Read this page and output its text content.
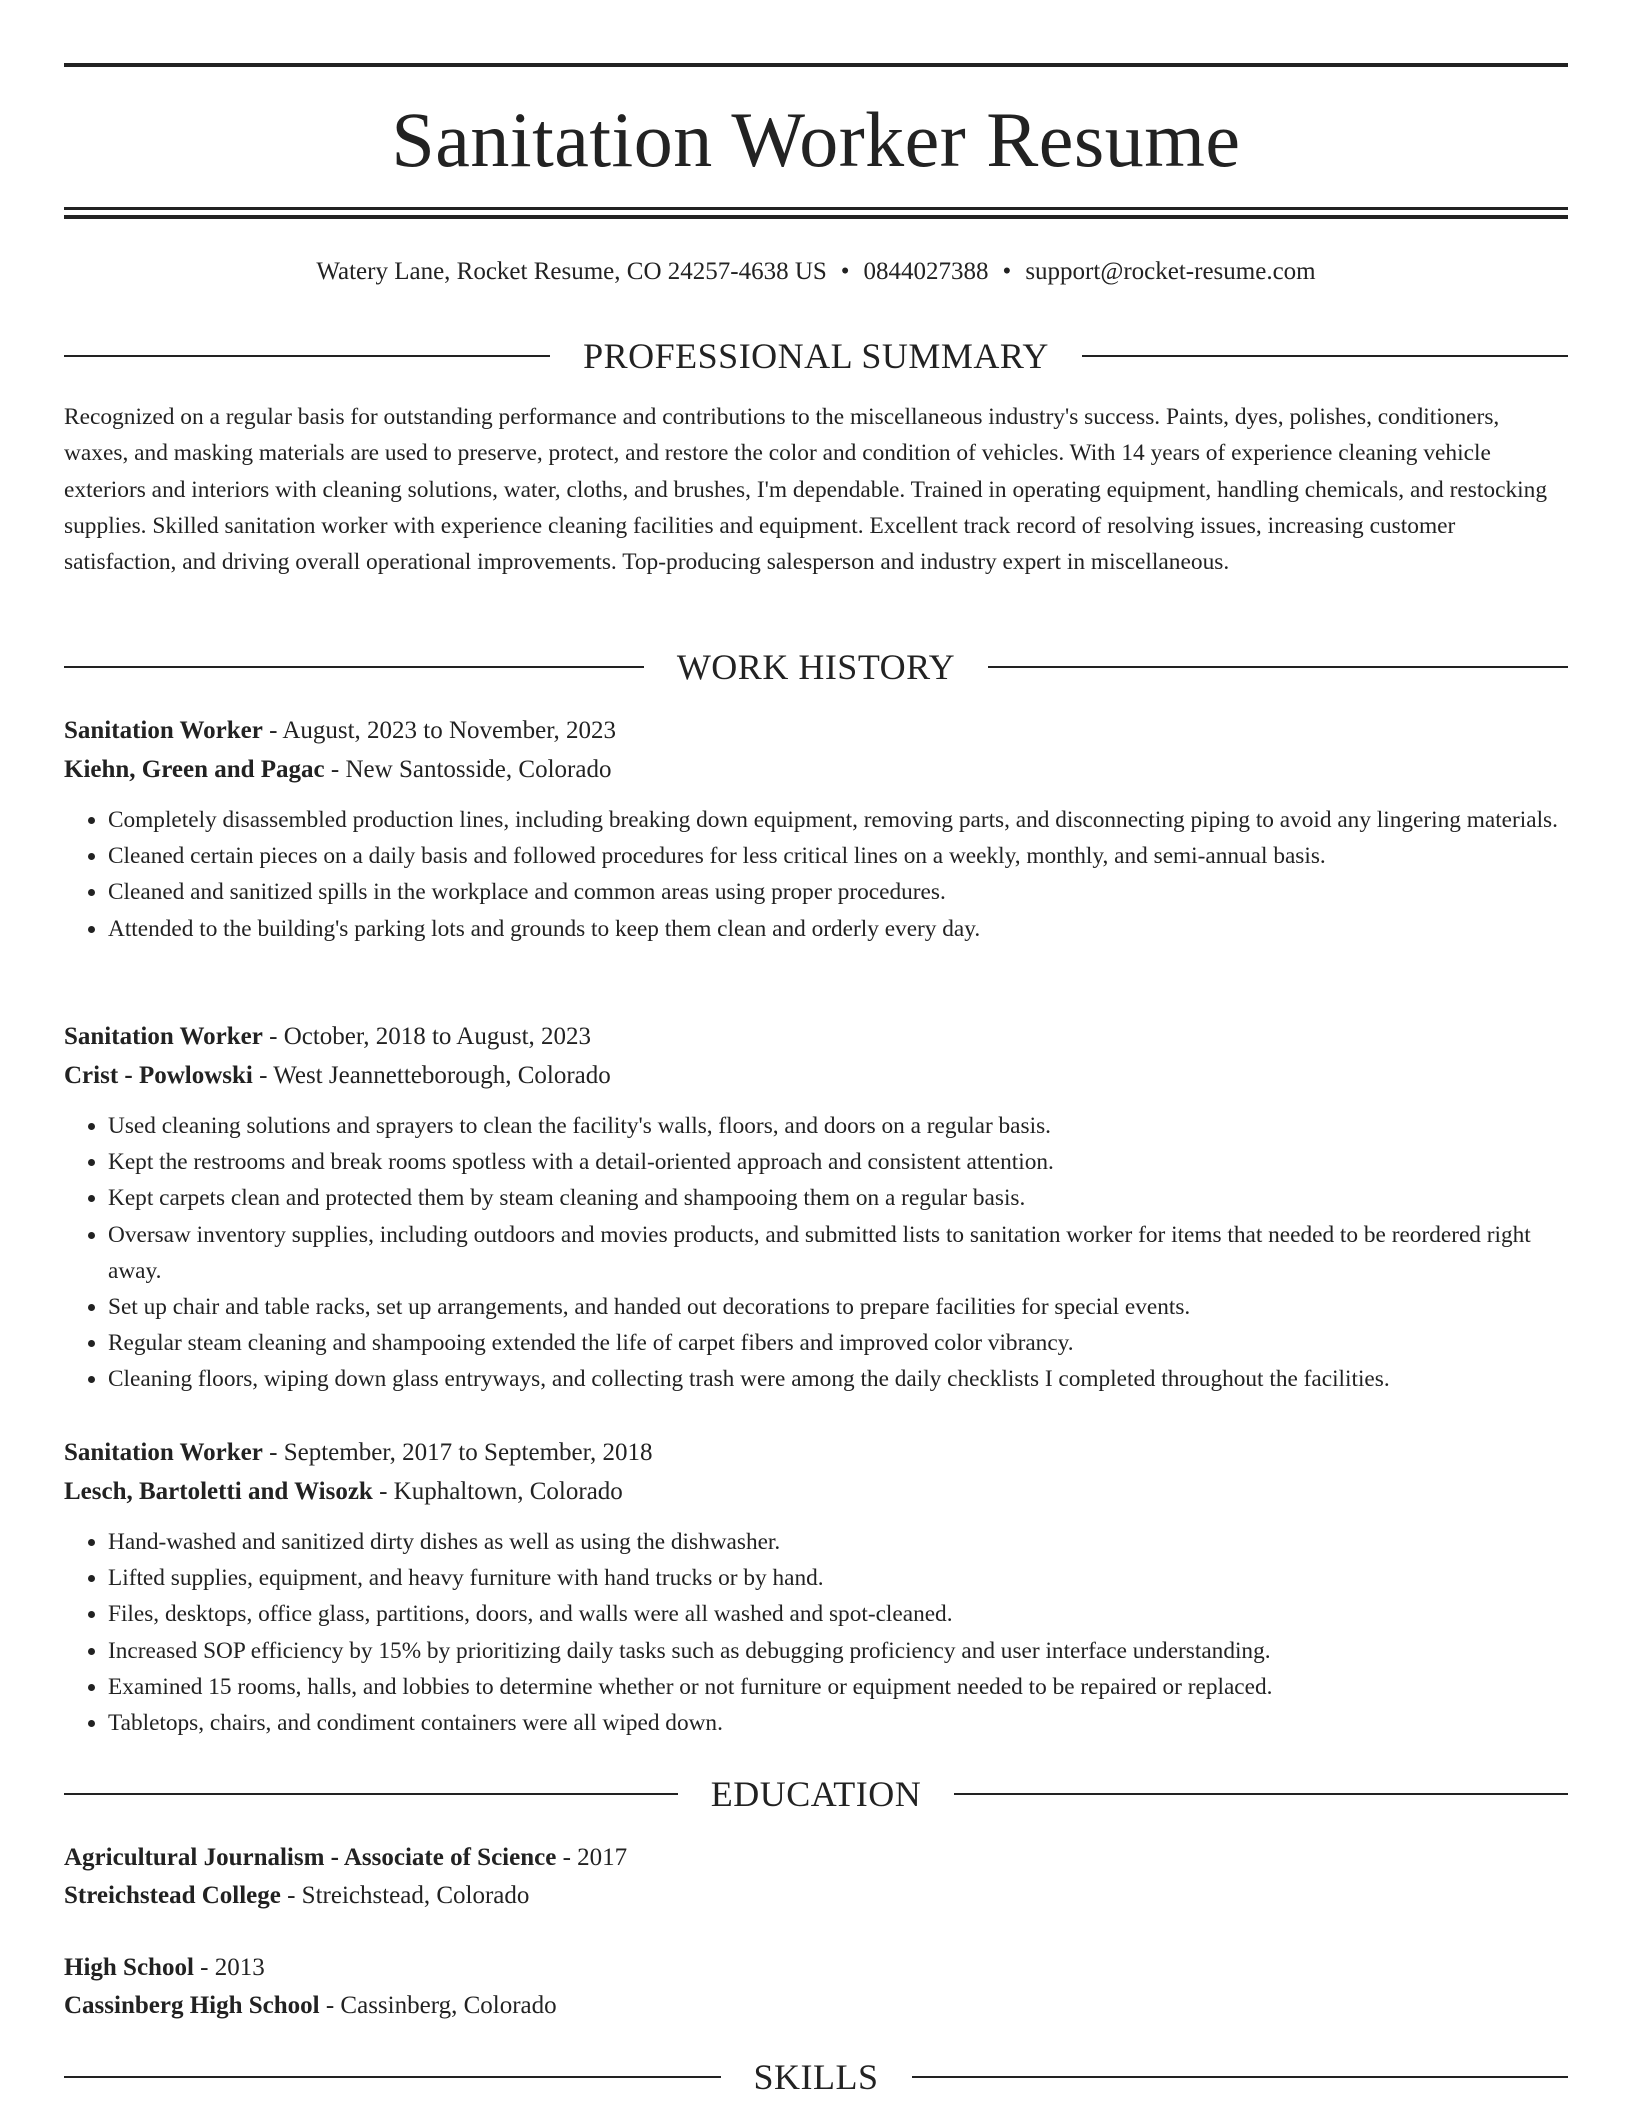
Sanitation Worker Resume
Watery Lane, Rocket Resume, CO 24257-4638 US • 0844027388 • support@rocket-resume.com
PROFESSIONAL SUMMARY

Recognized on a regular basis for outstanding performance and contributions to the miscellaneous industry's success. Paints, dyes, polishes, conditioners, waxes, and masking materials are used to preserve, protect, and restore the color and condition of vehicles. With 14 years of experience cleaning vehicle exteriors and interiors with cleaning solutions, water, cloths, and brushes, I'm dependable. Trained in operating equipment, handling chemicals, and restocking supplies. Skilled sanitation worker with experience cleaning facilities and equipment. Excellent track record of resolving issues, increasing customer satisfaction, and driving overall operational improvements. Top-producing salesperson and industry expert in miscellaneous.

WORK HISTORY
Sanitation Worker - August, 2023 to November, 2023
Kiehn, Green and Pagac - New Santosside, Colorado
• Completely disassembled production lines, including breaking down equipment, removing parts, and disconnecting piping to avoid any lingering materials.
• Cleaned certain pieces on a daily basis and followed procedures for less critical lines on a weekly, monthly, and semi-annual basis.
• Cleaned and sanitized spills in the workplace and common areas using proper procedures.
• Attended to the building's parking lots and grounds to keep them clean and orderly every day.
Sanitation Worker - October, 2018 to August, 2023
Crist - Powlowski - West Jeannetteborough, Colorado
• Used cleaning solutions and sprayers to clean the facility's walls, floors, and doors on a regular basis.
• Kept the restrooms and break rooms spotless with a detail-oriented approach and consistent attention.
• Kept carpets clean and protected them by steam cleaning and shampooing them on a regular basis.
• Oversaw inventory supplies, including outdoors and movies products, and submitted lists to sanitation worker for items that needed to be reordered right away.
• Set up chair and table racks, set up arrangements, and handed out decorations to prepare facilities for special events.
• Regular steam cleaning and shampooing extended the life of carpet fibers and improved color vibrancy.
• Cleaning floors, wiping down glass entryways, and collecting trash were among the daily checklists I completed throughout the facilities.
Sanitation Worker - September, 2017 to September, 2018
Lesch, Bartoletti and Wisozk - Kuphaltown, Colorado
• Hand-washed and sanitized dirty dishes as well as using the dishwasher.
• Lifted supplies, equipment, and heavy furniture with hand trucks or by hand.
• Files, desktops, office glass, partitions, doors, and walls were all washed and spot-cleaned.
• Increased SOP efficiency by 15% by prioritizing daily tasks such as debugging proficiency and user interface understanding.
• Examined 15 rooms, halls, and lobbies to determine whether or not furniture or equipment needed to be repaired or replaced.
• Tabletops, chairs, and condiment containers were all wiped down.
EDUCATION
Agricultural Journalism - Associate of Science - 2017
Streichstead College - Streichstead, Colorado
High School - 2013
Cassinberg High School - Cassinberg, Colorado
SKILLS
